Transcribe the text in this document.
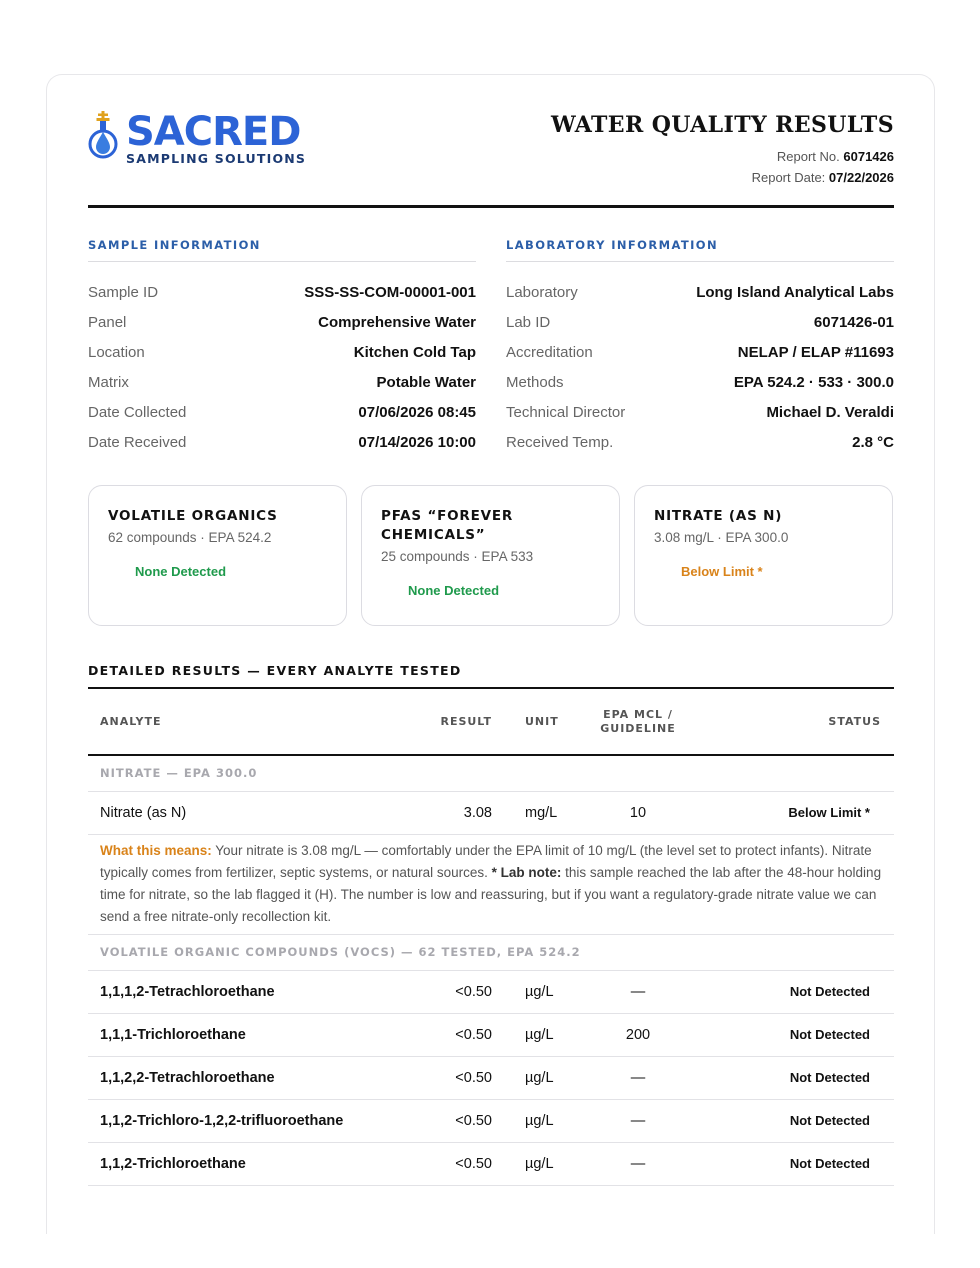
SACRED
SAMPLING SOLUTIONS
WATER QUALITY RESULTS
Report No. 6071426
Report Date: 07/22/2026
SAMPLE INFORMATION
Sample ID	SSS-SS-COM-00001-001
Panel	Comprehensive Water
Location	Kitchen Cold Tap
Matrix	Potable Water
Date Collected	07/06/2026 08:45
Date Received	07/14/2026 10:00
LABORATORY INFORMATION
Laboratory	Long Island Analytical Labs
Lab ID	6071426-01
Accreditation	NELAP / ELAP #11693
Methods	EPA 524.2 · 533 · 300.0
Technical Director	Michael D. Veraldi
Received Temp.	2.8 °C
VOLATILE ORGANICS
62 compounds · EPA 524.2
None Detected
PFAS “FOREVER CHEMICALS”
25 compounds · EPA 533
None Detected
NITRATE (AS N)
3.08 mg/L · EPA 300.0
Below Limit *
DETAILED RESULTS — EVERY ANALYTE TESTED
ANALYTE	RESULT	UNIT	EPA MCL / GUIDELINE	STATUS
NITRATE — EPA 300.0				
Nitrate (as N)	3.08	mg/L	10	Below Limit *
What this means: Your nitrate is 3.08 mg/L — comfortably under the EPA limit of 10 mg/L (the level set to protect infants). Nitrate typically comes from fertilizer, septic systems, or natural sources. * Lab note: this sample reached the lab after the 48-hour holding time for nitrate, so the lab flagged it (H). The number is low and reassuring, but if you want a regulatory-grade nitrate value we can send a free nitrate-only recollection kit.				
VOLATILE ORGANIC COMPOUNDS (VOCS) — 62 TESTED, EPA 524.2				
1,1,1,2-Tetrachloroethane	<0.50	µg/L	—	Not Detected
1,1,1-Trichloroethane	<0.50	µg/L	200	Not Detected
1,1,2,2-Tetrachloroethane	<0.50	µg/L	—	Not Detected
1,1,2-Trichloro-1,2,2-trifluoroethane	<0.50	µg/L	—	Not Detected
1,1,2-Trichloroethane	<0.50	µg/L	—	Not Detected
